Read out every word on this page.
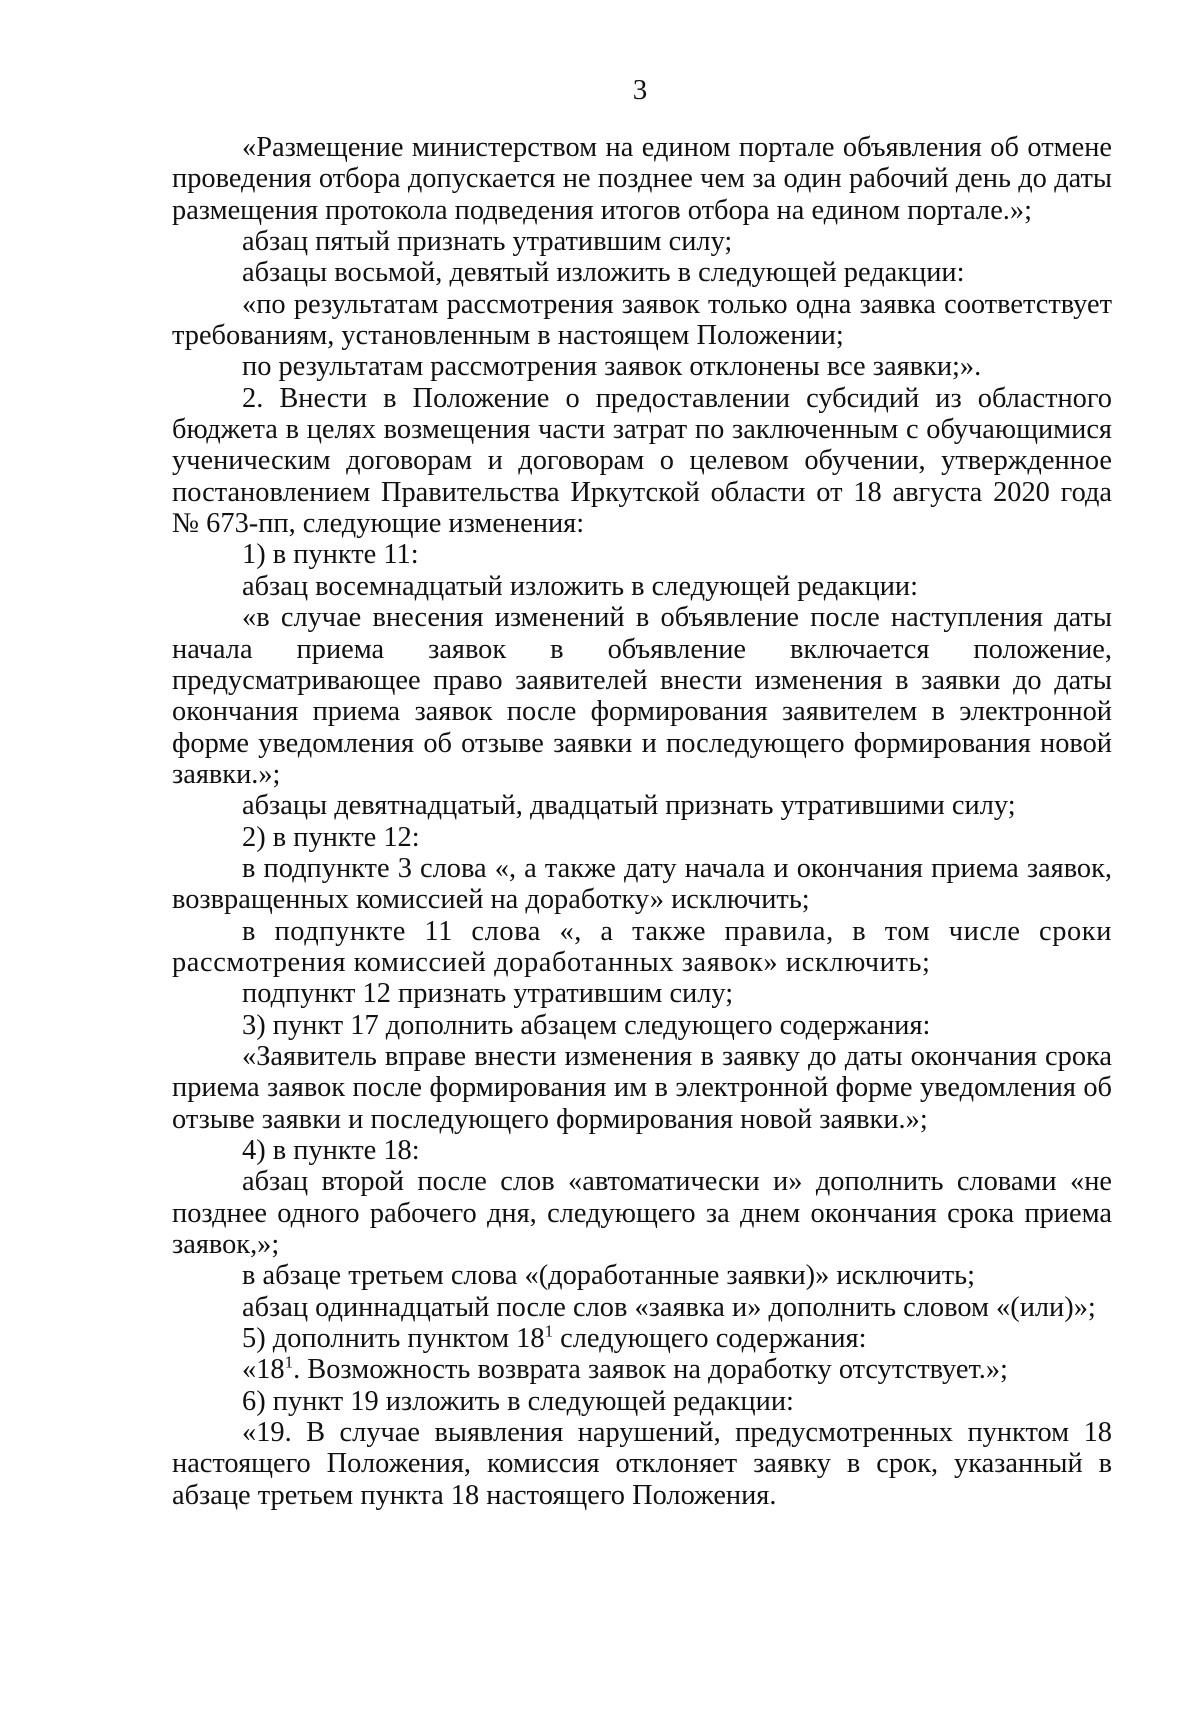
3

«Размещение министерством на едином портале объявления об отмене проведения отбора допускается не позднее чем за один рабочий день до даты размещения протокола подведения итогов отбора на едином портале.»;

абзац пятый признать утратившим силу;

абзацы восьмой, девятый изложить в следующей редакции:

«по результатам рассмотрения заявок только одна заявка соответствует требованиям, установленным в настоящем Положении;

по результатам рассмотрения заявок отклонены все заявки;».

2. Внести в Положение о предоставлении субсидий из областного бюджета в целях возмещения части затрат по заключенным с обучающимися ученическим договорам и договорам о целевом обучении, утвержденное постановлением Правительства Иркутской области от 18 августа 2020 года № 673-пп, следующие изменения:

1) в пункте 11:

абзац восемнадцатый изложить в следующей редакции:

«в случае внесения изменений в объявление после наступления даты начала приема заявок в объявление включается положение, предусматривающее право заявителей внести изменения в заявки до даты окончания приема заявок после формирования заявителем в электронной форме уведомления об отзыве заявки и последующего формирования новой заявки.»;

абзацы девятнадцатый, двадцатый признать утратившими силу;

2) в пункте 12:

в подпункте 3 слова «, а также дату начала и окончания приема заявок, возвращенных комиссией на доработку» исключить;

в подпункте 11 слова «, а также правила, в том числе сроки рассмотрения комиссией доработанных заявок» исключить;

подпункт 12 признать утратившим силу;

3) пункт 17 дополнить абзацем следующего содержания:

«Заявитель вправе внести изменения в заявку до даты окончания срока приема заявок после формирования им в электронной форме уведомления об отзыве заявки и последующего формирования новой заявки.»;

4) в пункте 18:

абзац второй после слов «автоматически и» дополнить словами «не позднее одного рабочего дня, следующего за днем окончания срока приема заявок,»;

в абзаце третьем слова «(доработанные заявки)» исключить;

абзац одиннадцатый после слов «заявка и» дополнить словом «(или)»;

5) дополнить пунктом $18^1$ следующего содержания:

«$18^1$. Возможность возврата заявок на доработку отсутствует.»;

6) пункт 19 изложить в следующей редакции:

«19. В случае выявления нарушений, предусмотренных пунктом 18 настоящего Положения, комиссия отклоняет заявку в срок, указанный в абзаце третьем пункта 18 настоящего Положения.
